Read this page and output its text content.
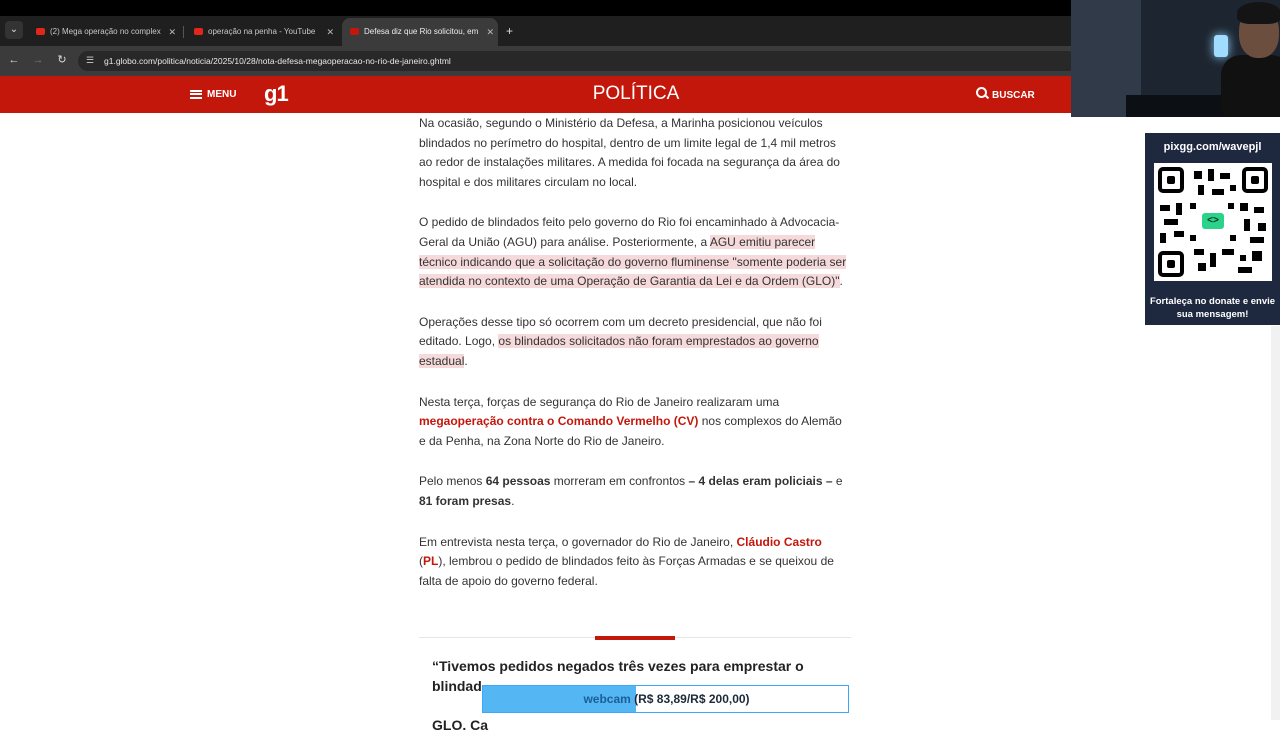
⌄	(2) Mega operação no complex ✕	operação na penha - YouTube	✕	Defesa diz que Rio solicitou, em ✕ +
← →	↻	☰ g1.globo.com/politica/noticia/2025/10/28/nota-defesa-megaoperacao-no-rio-de-janeiro.ghtml
MENU g1	POLÍTICA	BUSCAR

Na ocasião, segundo o Ministério da Defesa, a Marinha posicionou veículos blindados no perímetro do hospital, dentro de um limite legal de 1,4 mil metros ao redor de instalações militares. A medida foi focada na segurança da área do hospital e dos militares circulam no local.

O pedido de blindados feito pelo governo do Rio foi encaminhado à Advocacia-Geral da União (AGU) para análise. Posteriormente, a AGU emitiu parecer técnico indicando que a solicitação do governo fluminense "somente poderia ser atendida no contexto de uma Operação de Garantia da Lei e da Ordem (GLO)".

Operações desse tipo só ocorrem com um decreto presidencial, que não foi editado. Logo, os blindados solicitados não foram emprestados ao governo estadual.

Nesta terça, forças de segurança do Rio de Janeiro realizaram uma megaoperação contra o Comando Vermelho (CV) nos complexos do Alemão e da Penha, na Zona Norte do Rio de Janeiro.

Pelo menos 64 pessoas morreram em confrontos – 4 delas eram policiais – e 81 foram presas.

Em entrevista nesta terça, o governador do Rio de Janeiro, Cláudio Castro (PL), lembrou o pedido de blindados feito às Forças Armadas e se queixou de falta de apoio do governo federal.

“Tivemos pedidos negados três vezes para emprestar o blindad
GLO. Ca
pixgg.com/wavepjl
<>
Fortaleça no donate e envie sua mensagem!
webcam (R$ 83,89/R$ 200,00)
